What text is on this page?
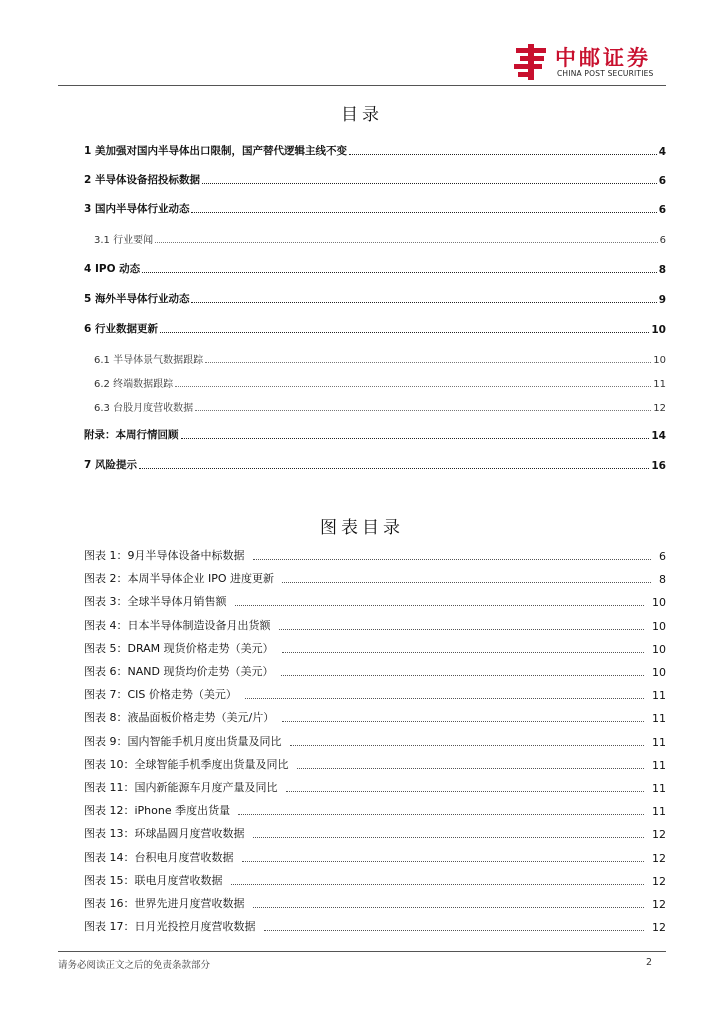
中邮证券
CHINA POST SECURITIES
目录
1 美加强对国内半导体出口限制，国产替代逻辑主线不变	4
2 半导体设备招投标数据	6
3 国内半导体行业动态	6
3.1 行业要闻	6
4 IPO 动态	8
5 海外半导体行业动态	9
6 行业数据更新	10
6.1 半导体景气数据跟踪	10
6.2 终端数据跟踪	11
6.3 台股月度营收数据	12
附录：本周行情回顾	14
7 风险提示	16
图表目录
图表 1：9月半导体设备中标数据	6
图表 2：本周半导体企业 IPO 进度更新	8
图表 3：全球半导体月销售额	10
图表 4：日本半导体制造设备月出货额	10
图表 5：DRAM 现货价格走势（美元）	10
图表 6：NAND 现货均价走势（美元）	10
图表 7：CIS 价格走势（美元）	11
图表 8：液晶面板价格走势（美元/片）	11
图表 9：国内智能手机月度出货量及同比	11
图表 10：全球智能手机季度出货量及同比	11
图表 11：国内新能源车月度产量及同比	11
图表 12：iPhone 季度出货量	11
图表 13：环球晶圆月度营收数据	12
图表 14：台积电月度营收数据	12
图表 15：联电月度营收数据	12
图表 16：世界先进月度营收数据	12
图表 17：日月光投控月度营收数据	12
请务必阅读正文之后的免责条款部分	2
